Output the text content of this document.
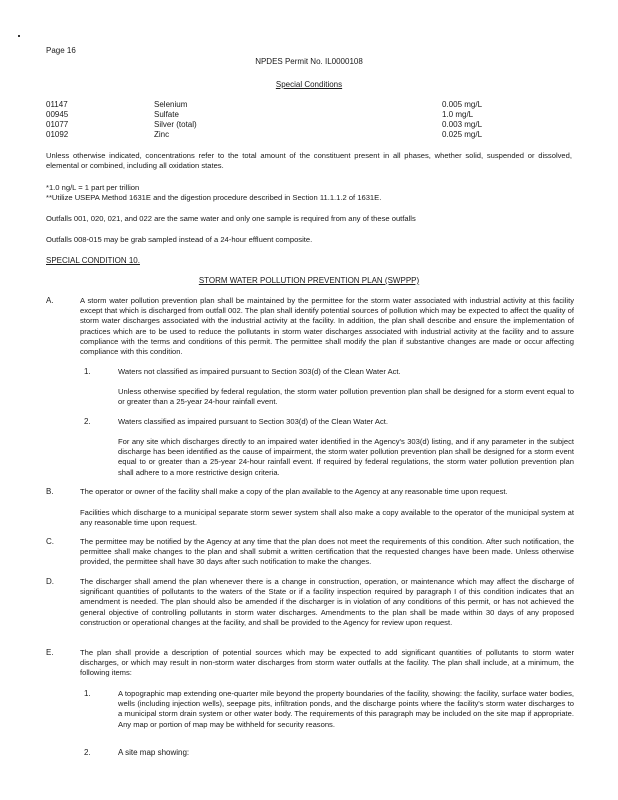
Page 16
NPDES Permit No. IL0000108
Special Conditions
01147	Selenium	0.005 mg/L
00945	Sulfate	1.0 mg/L
01077	Silver (total)	0.003 mg/L
01092	Zinc	0.025 mg/L
Unless otherwise indicated, concentrations refer to the total amount of the constituent present in all phases, whether solid, suspended or dissolved, elemental or combined, including all oxidation states.
*1.0 ng/L = 1 part per trillion
**Utilize USEPA Method 1631E and the digestion procedure described in Section 11.1.1.2 of 1631E.
Outfalls 001, 020, 021, and 022 are the same water and only one sample is required from any of these outfalls
Outfalls 008-015 may be grab sampled instead of a 24-hour effluent composite.
SPECIAL CONDITION 10.
STORM WATER POLLUTION PREVENTION PLAN (SWPPP)
A.	A storm water pollution prevention plan shall be maintained by the permittee for the storm water associated with industrial activity at this facility except that which is discharged from outfall 002. The plan shall identify potential sources of pollution which may be expected to affect the quality of storm water discharges associated with the industrial activity at the facility. In addition, the plan shall describe and ensure the implementation of practices which are to be used to reduce the pollutants in storm water discharges associated with industrial activity at the facility and to assure compliance with the terms and conditions of this permit. The permittee shall modify the plan if substantive changes are made or occur affecting compliance with this condition.
1.	Waters not classified as impaired pursuant to Section 303(d) of the Clean Water Act.
Unless otherwise specified by federal regulation, the storm water pollution prevention plan shall be designed for a storm event equal to or greater than a 25-year 24-hour rainfall event.
2.	Waters classified as impaired pursuant to Section 303(d) of the Clean Water Act.
For any site which discharges directly to an impaired water identified in the Agency's 303(d) listing, and if any parameter in the subject discharge has been identified as the cause of impairment, the storm water pollution prevention plan shall be designed for a storm event equal to or greater than a 25-year 24-hour rainfall event. If required by federal regulations, the storm water pollution prevention plan shall adhere to a more restrictive design criteria.
B.	The operator or owner of the facility shall make a copy of the plan available to the Agency at any reasonable time upon request.
Facilities which discharge to a municipal separate storm sewer system shall also make a copy available to the operator of the municipal system at any reasonable time upon request.
C.	The permittee may be notified by the Agency at any time that the plan does not meet the requirements of this condition. After such notification, the permittee shall make changes to the plan and shall submit a written certification that the requested changes have been made. Unless otherwise provided, the permittee shall have 30 days after such notification to make the changes.
D.	The discharger shall amend the plan whenever there is a change in construction, operation, or maintenance which may affect the discharge of significant quantities of pollutants to the waters of the State or if a facility inspection required by paragraph I of this condition indicates that an amendment is needed. The plan should also be amended if the discharger is in violation of any conditions of this permit, or has not achieved the general objective of controlling pollutants in storm water discharges. Amendments to the plan shall be made within 30 days of any proposed construction or operational changes at the facility, and shall be provided to the Agency for review upon request.
E.	The plan shall provide a description of potential sources which may be expected to add significant quantities of pollutants to storm water discharges, or which may result in non-storm water discharges from storm water outfalls at the facility. The plan shall include, at a minimum, the following items:
1.	A topographic map extending one-quarter mile beyond the property boundaries of the facility, showing: the facility, surface water bodies, wells (including injection wells), seepage pits, infiltration ponds, and the discharge points where the facility's storm water discharges to a municipal storm drain system or other water body. The requirements of this paragraph may be included on the site map if appropriate. Any map or portion of map may be withheld for security reasons.
2.	A site map showing:
